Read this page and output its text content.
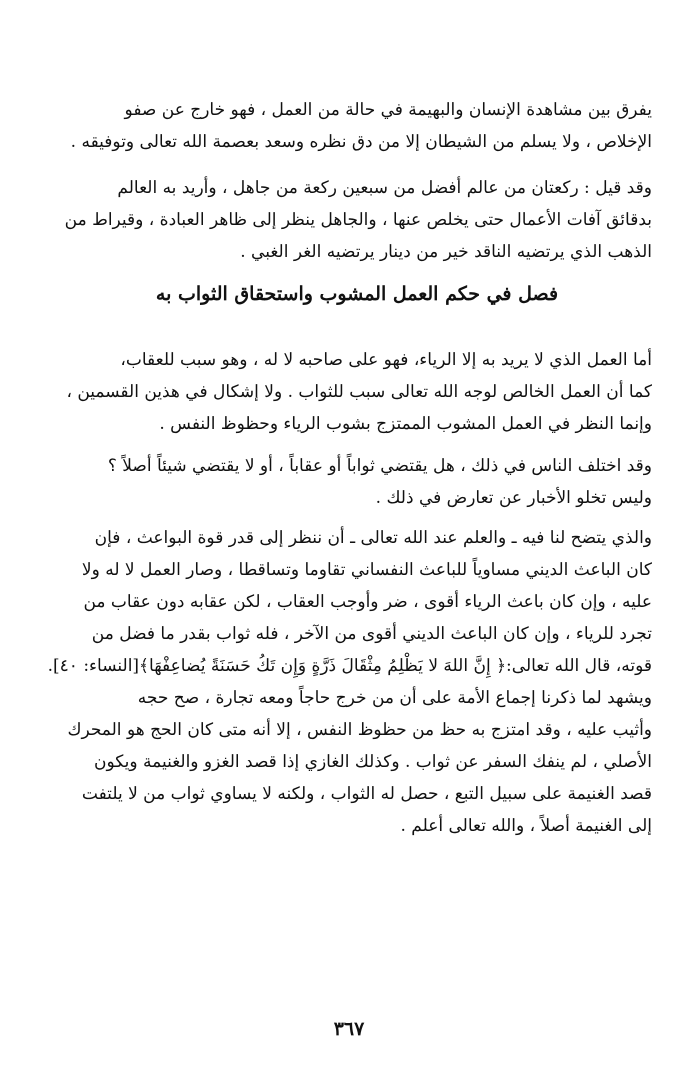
يفرق بين مشاهدة الإنسان والبهيمة في حالة من العمل ، فهو خارج عن صفو
الإخلاص ، ولا يسلم من الشيطان إلا من دق نظره وسعد بعصمة الله تعالى وتوفيقه .
وقد قيل : ركعتان من عالم أفضل من سبعين ركعة من جاهل ، وأريد به العالم
بدقائق آفات الأعمال حتى يخلص عنها ، والجاهل ينظر إلى ظاهر العبادة ، وقيراط من
الذهب الذي يرتضيه الناقد خير من دينار يرتضيه الغر الغبي .
فصل في حكم العمل المشوب واستحقاق الثواب به
أما العمل الذي لا يريد به إلا الرياء، فهو على صاحبه لا له ، وهو سبب للعقاب،
كما أن العمل الخالص لوجه الله تعالى سبب للثواب . ولا إشكال في هذين القسمين ،
وإنما النظر في العمل المشوب الممتزج بشوب الرياء وحظوظ النفس .
وقد اختلف الناس في ذلك ، هل يقتضي ثواباً أو عقاباً ، أو لا يقتضي شيئاً أصلاً ؟
وليس تخلو الأخبار عن تعارض في ذلك .
والذي يتضح لنا فيه ـ والعلم عند الله تعالى ـ أن ننظر إلى قدر قوة البواعث ، فإن
كان الباعث الديني مساوياً للباعث النفساني تقاوما وتساقطا ، وصار العمل لا له ولا
عليه ، وإن كان باعث الرياء أقوى ، ضر وأوجب العقاب ، لكن عقابه دون عقاب من
تجرد للرياء ، وإن كان الباعث الديني أقوى من الآخر ، فله ثواب بقدر ما فضل من
قوته، قال الله تعالى:﴿ إِنَّ اللهَ لا يَظْلِمُ مِثْقَالَ ذَرَّةٍ وَإِن تَكُ حَسَنَةً يُضاعِفْهَا﴾[النساء: ٤٠].
ويشهد لما ذكرنا إجماع الأمة على أن من خرج حاجاً ومعه تجارة ، صح حجه
وأثيب عليه ، وقد امتزج به حظ من حظوظ النفس ، إلا أنه متى كان الحج هو المحرك
الأصلي ، لم ينفك السفر عن ثواب . وكذلك الغازي إذا قصد الغزو والغنيمة ويكون
قصد الغنيمة على سبيل التبع ، حصل له الثواب ، ولكنه لا يساوي ثواب من لا يلتفت
إلى الغنيمة أصلاً ، والله تعالى أعلم .

٣٦٧
